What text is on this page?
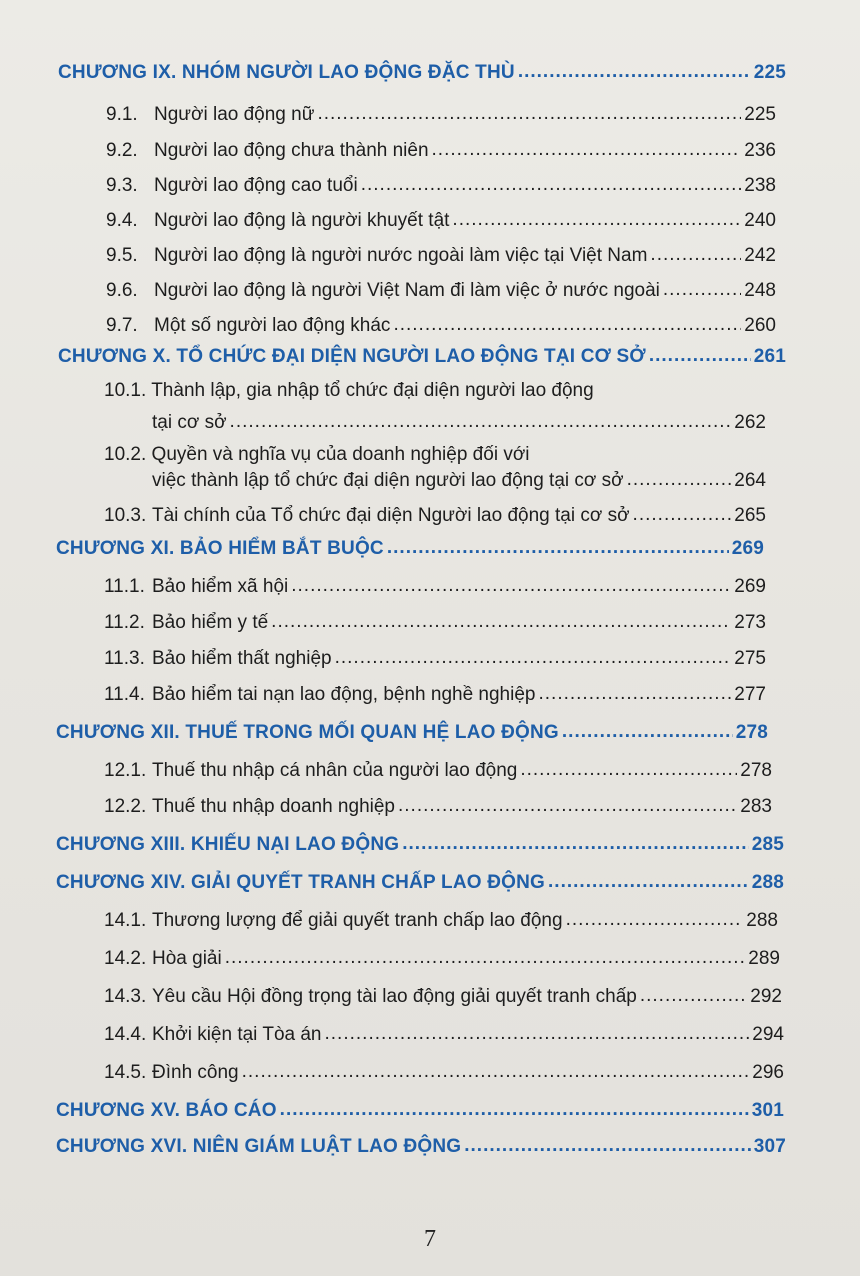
CHƯƠNG IX. NHÓM NGƯỜI LAO ĐỘNG ĐẶC THÙ .....	225
9.1. Người lao động nữ .....	225
9.2. Người lao động chưa thành niên .....	236
9.3. Người lao động cao tuổi .....	238
9.4. Người lao động là người khuyết tật .....	240
9.5. Người lao động là người nước ngoài làm việc tại Việt Nam .....	242
9.6. Người lao động là người Việt Nam đi làm việc ở nước ngoài .....	248
9.7. Một số người lao động khác .....	260
CHƯƠNG X. TỔ CHỨC ĐẠI DIỆN NGƯỜI LAO ĐỘNG TẠI CƠ SỞ .....	261
10.1. Thành lập, gia nhập tổ chức đại diện người lao động
tại cơ sở .....	262
10.2. Quyền và nghĩa vụ của doanh nghiệp đối với
việc thành lập tổ chức đại diện người lao động tại cơ sở .....	264
10.3. Tài chính của Tổ chức đại diện Người lao động tại cơ sở .....	265
CHƯƠNG XI. BẢO HIỂM BẮT BUỘC .....	269
11.1. Bảo hiểm xã hội .....	269
11.2. Bảo hiểm y tế .....	273
11.3. Bảo hiểm thất nghiệp .....	275
11.4. Bảo hiểm tai nạn lao động, bệnh nghề nghiệp .....	277
CHƯƠNG XII. THUẾ TRONG MỐI QUAN HỆ LAO ĐỘNG .....	278
12.1. Thuế thu nhập cá nhân của người lao động .....	278
12.2. Thuế thu nhập doanh nghiệp .....	283
CHƯƠNG XIII. KHIẾU NẠI LAO ĐỘNG .....	285
CHƯƠNG XIV. GIẢI QUYẾT TRANH CHẤP LAO ĐỘNG .....	288
14.1. Thương lượng để giải quyết tranh chấp lao động .....	288
14.2. Hòa giải .....	289
14.3. Yêu cầu Hội đồng trọng tài lao động giải quyết tranh chấp .....	292
14.4. Khởi kiện tại Tòa án .....	294
14.5. Đình công .....	296
CHƯƠNG XV. BÁO CÁO .....	301
CHƯƠNG XVI. NIÊN GIÁM LUẬT LAO ĐỘNG .....	307
7
